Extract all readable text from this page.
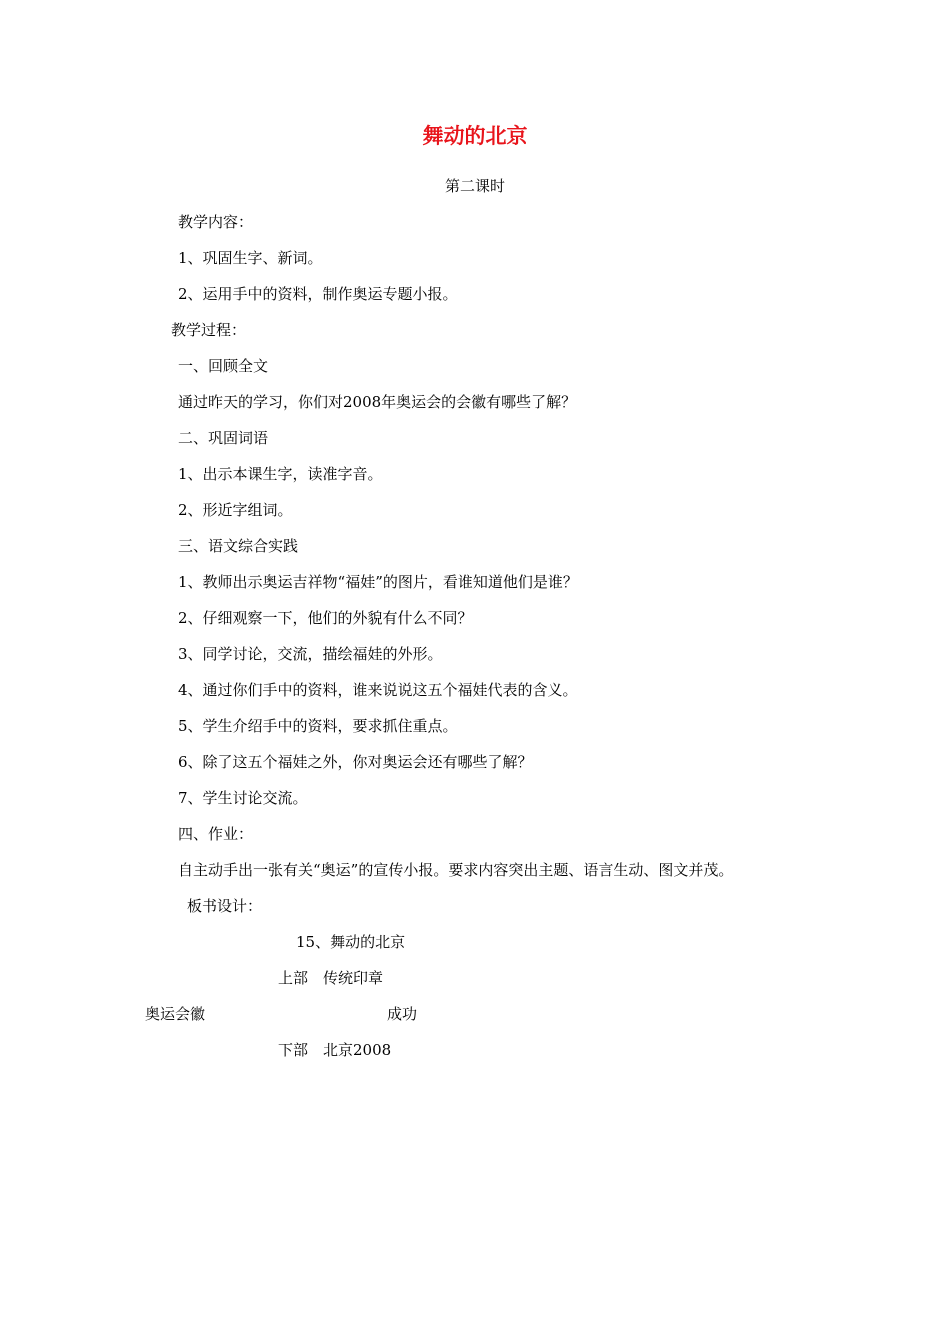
舞动的北京
第二课时
教学内容：
1、巩固生字、新词。
2、运用手中的资料，制作奥运专题小报。
教学过程：
一、回顾全文
通过昨天的学习，你们对2008年奥运会的会徽有哪些了解？
二、巩固词语
1、出示本课生字，读准字音。
2、形近字组词。
三、语文综合实践
1、教师出示奥运吉祥物“福娃”的图片，看谁知道他们是谁？
2、仔细观察一下，他们的外貌有什么不同？
3、同学讨论，交流，描绘福娃的外形。
4、通过你们手中的资料，谁来说说这五个福娃代表的含义。
5、学生介绍手中的资料，要求抓住重点。
6、除了这五个福娃之外，你对奥运会还有哪些了解？
7、学生讨论交流。
四、作业：
自主动手出一张有关“奥运”的宣传小报。要求内容突出主题、语言生动、图文并茂。
板书设计：
15、舞动的北京
上部　传统印章
奥运会徽	成功
下部　北京2008
